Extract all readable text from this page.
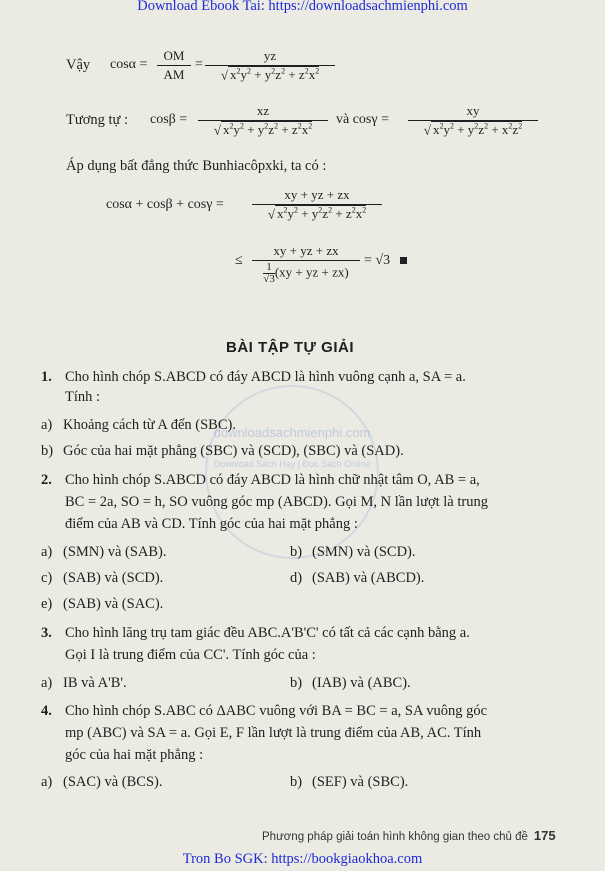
Download Ebook Tai: https://downloadsachmienphi.com
Vậy $\cos\alpha = \frac{OM}{AM} = \frac{yz}{√ x^2y^2 + y^2z^2 + z^2x^2}$
Tương tự : $\cos\beta = \frac{xz}{√ x^2y^2 + y^2z^2 + z^2x^2}$ và $\cos\gamma = \frac{xy}{√ x^2y^2 + y^2z^2 + x^2z^2}$
Áp dụng bất đẳng thức Bunhiacôpxki, ta có :
$\cos\alpha + \cos\beta + \cos\gamma = \frac{xy + yz + zx}{√ x^2y^2 + y^2z^2 + z^2x^2}$
≤ $\frac{xy + yz + zx}{\frac{1}{√3} (xy + yz + zx)} = √3$
BÀI TẬP TỰ GIẢI
downloadsachmienphi.com
Download Sách Hay | Đọc Sách Online
1. Cho hình chóp S.ABCD có đáy ABCD là hình vuông cạnh a, SA = a.
Tính :
a) Khoảng cách từ A đến (SBC).
b) Góc của hai mặt phẳng (SBC) và (SCD), (SBC) và (SAD).
2. Cho hình chóp S.ABCD có đáy ABCD là hình chữ nhật tâm O, AB = a,
BC = 2a, SO = h, SO vuông góc mp (ABCD). Gọi M, N lần lượt là trung
điểm của AB và CD. Tính góc của hai mặt phẳng :
a) (SMN) và (SAB).	b) (SMN) và (SCD).
c) (SAB) và (SCD).	d) (SAB) và (ABCD).
e) (SAB) và (SAC).
3. Cho hình lăng trụ tam giác đều ABC.A'B'C' có tất cả các cạnh bằng a.
Gọi I là trung điểm của CC'. Tính góc của :
a) IB và A'B'.	b) (IAB) và (ABC).
4. Cho hình chóp S.ABC có ΔABC vuông với BA = BC = a, SA vuông góc
mp (ABC) và SA = a. Gọi E, F lần lượt là trung điểm của AB, AC. Tính
góc của hai mặt phẳng :
a) (SAC) và (BCS).	b) (SEF) và (SBC).
Phương pháp giải toán hình không gian theo chủ đề 175
Tron Bo SGK: https://bookgiaokhoa.com
